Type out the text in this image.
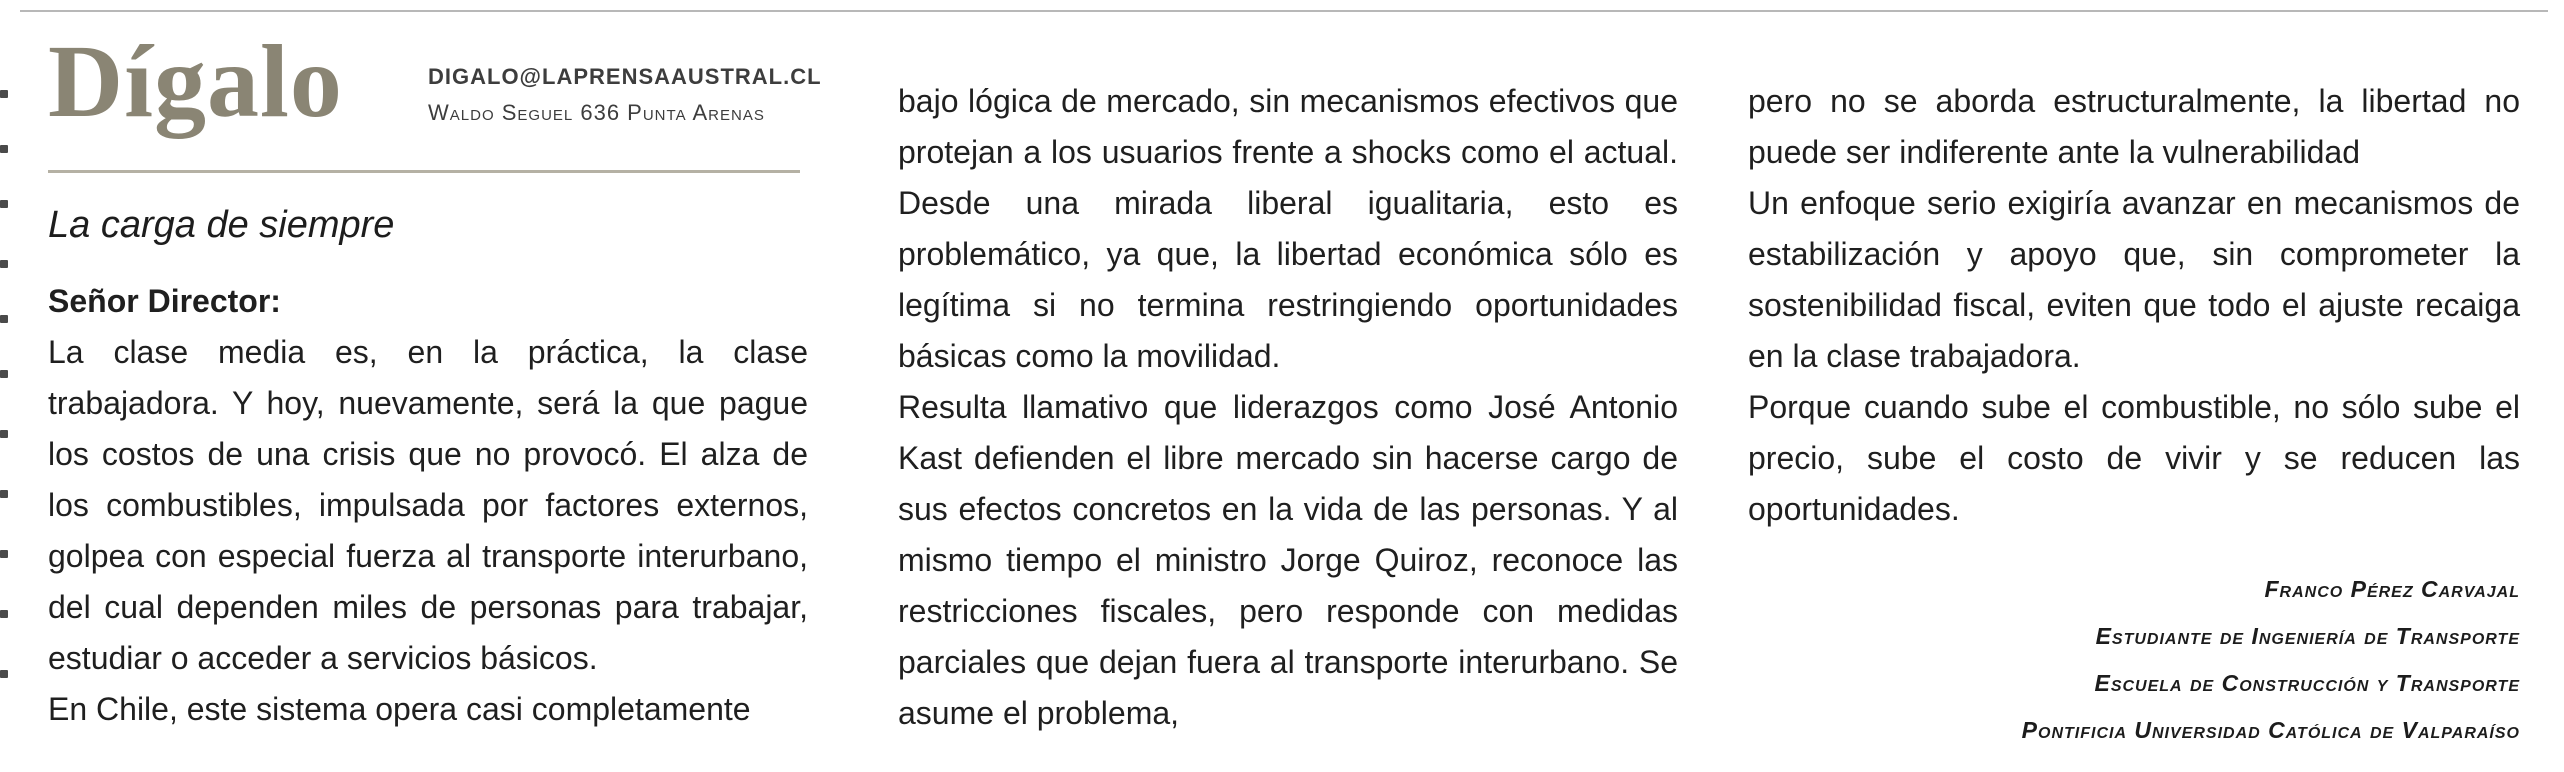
Dígalo	DIGALO@LAPRENSAAUSTRAL.CL
Waldo Seguel 636 Punta Arenas

La carga de siempre

Señor Director:

La clase media es, en la práctica, la clase trabajadora. Y hoy, nuevamente, será la que pague los costos de una crisis que no provocó. El alza de los combustibles, impulsada por factores externos, golpea con especial fuerza al transporte interurbano, del cual dependen miles de personas para trabajar, estudiar o acceder a servicios básicos.

En Chile, este sistema opera casi completamente

bajo lógica de mercado, sin mecanismos efectivos que protejan a los usuarios frente a shocks como el actual. Desde una mirada liberal igualitaria, esto es problemático, ya que, la libertad económica sólo es legítima si no termina restringiendo oportunidades básicas como la movilidad.

Resulta llamativo que liderazgos como José Antonio Kast defienden el libre mercado sin hacerse cargo de sus efectos concretos en la vida de las personas. Y al mismo tiempo el ministro Jorge Quiroz, reconoce las restricciones fiscales, pero responde con medidas parciales que dejan fuera al transporte interurbano. Se asume el problema,

pero no se aborda estructuralmente, la libertad no puede ser indiferente ante la vulnerabilidad

Un enfoque serio exigiría avanzar en mecanismos de estabilización y apoyo que, sin comprometer la sostenibilidad fiscal, eviten que todo el ajuste recaiga en la clase trabajadora.

Porque cuando sube el combustible, no sólo sube el precio, sube el costo de vivir y se reducen las oportunidades.

Franco Pérez Carvajal
Estudiante de Ingeniería de Transporte
Escuela de Construcción y Transporte
Pontificia Universidad Católica de Valparaíso
